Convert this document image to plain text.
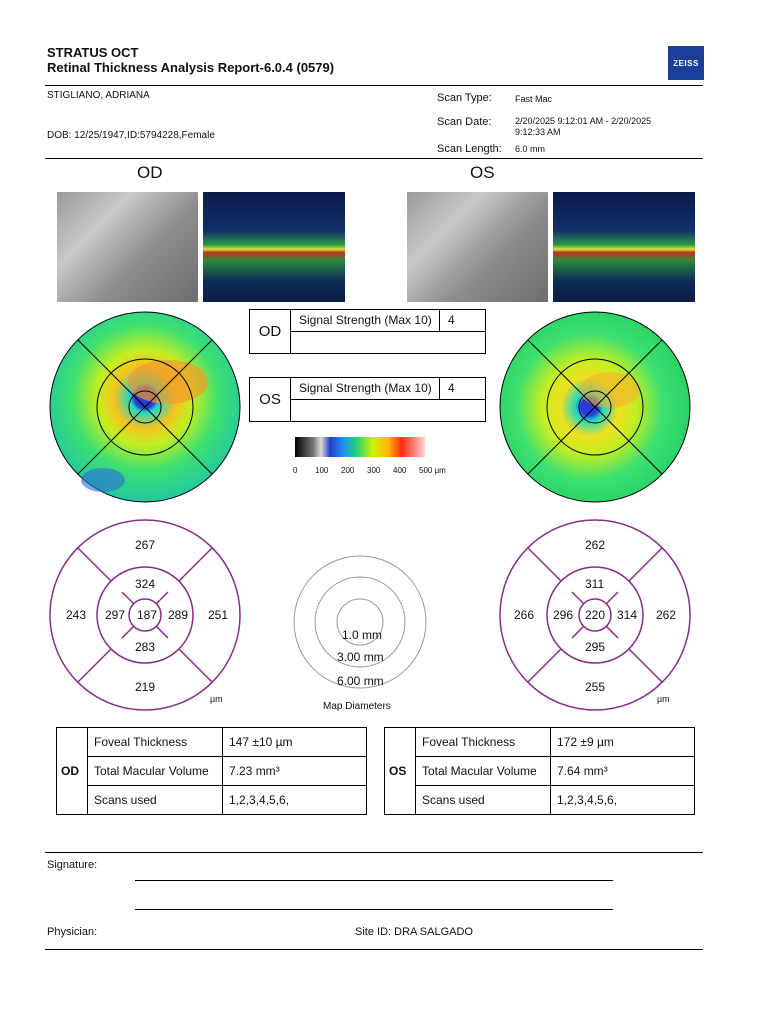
STRATUS OCT
Retinal Thickness Analysis Report-6.0.4 (0579)	ZEISS
STIGLIANO, ADRIANA
DOB: 12/25/1947,ID:5794228,Female
Scan Type:	Fast Mac
Scan Date:	2/20/2025 9:12:01 AM - 2/20/2025
9:12:33 AM
Scan Length: 6.0 mm
OD	OS
OD
Signal Strength (Max 10) 4
OS
Signal Strength (Max 10) 4
0 100 200 300 400 500 µm
267
243	251
219
324
297	289
283
187
µm
262
266	262
255
311
296	314
295
220
µm
1.0 mm
3.00 mm
6.00 mm
Map Diameters
OD	Foveal Thickness	147 ±10 µm
	Total Macular Volume	7.23 mm³
	Scans used	1,2,3,4,5,6,
OS	Foveal Thickness	172 ±9 µm
	Total Macular Volume	7.64 mm³
	Scans used	1,2,3,4,5,6,
Signature:
Physician:	Site ID: DRA SALGADO
